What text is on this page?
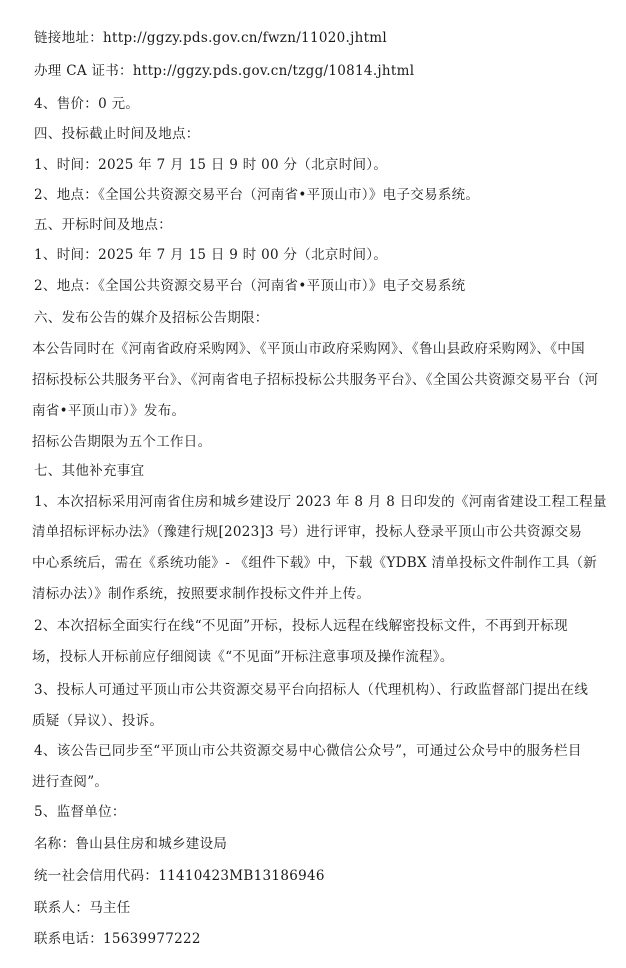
链接地址：http://ggzy.pds.gov.cn/fwzn/11020.jhtml
办理 CA 证书：http://ggzy.pds.gov.cn/tzgg/10814.jhtml
4、售价：0 元。
四、投标截止时间及地点：
1、时间：2025 年 7 月 15 日 9 时 00 分（北京时间）。
2、地点：《全国公共资源交易平台（河南省•平顶山市）》电子交易系统。
五、开标时间及地点：
1、时间：2025 年 7 月 15 日 9 时 00 分（北京时间）。
2、地点：《全国公共资源交易平台（河南省•平顶山市）》电子交易系统
六、发布公告的媒介及招标公告期限：
本公告同时在《河南省政府采购网》、《平顶山市政府采购网》、《鲁山县政府采购网》、《中国
招标投标公共服务平台》、《河南省电子招标投标公共服务平台》、《全国公共资源交易平台（河
南省•平顶山市）》发布。
招标公告期限为五个工作日。
七、其他补充事宜
1、本次招标采用河南省住房和城乡建设厅 2023 年 8 月 8 日印发的《河南省建设工程工程量
清单招标评标办法》（豫建行规[2023]3 号）进行评审，投标人登录平顶山市公共资源交易
中心系统后，需在《系统功能》- 《组件下载》中，下载《YDBX 清单投标文件制作工具（新
清标办法）》制作系统，按照要求制作投标文件并上传。
2、本次招标全面实行在线“不见面”开标，投标人远程在线解密投标文件，不再到开标现
场，投标人开标前应仔细阅读《“不见面”开标注意事项及操作流程》。
3、投标人可通过平顶山市公共资源交易平台向招标人（代理机构）、行政监督部门提出在线
质疑（异议）、投诉。
4、该公告已同步至“平顶山市公共资源交易中心微信公众号”，可通过公众号中的服务栏目
进行查阅”。
5、监督单位：
名称：鲁山县住房和城乡建设局
统一社会信用代码：11410423MB13186946
联系人：马主任
联系电话：15639977222
